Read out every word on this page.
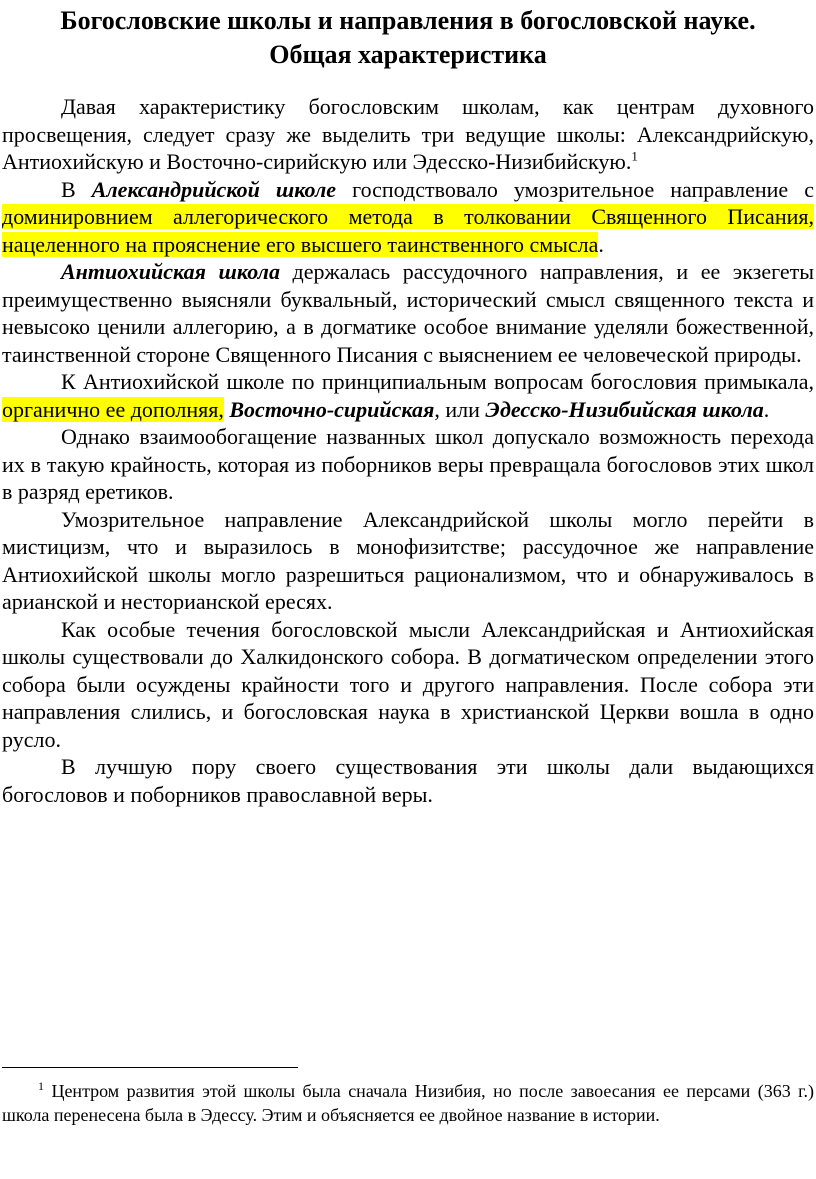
Богословские школы и направления в богословской науке.
Общая характеристика

Давая характеристику богословским школам, как центрам духовного просвещения, следует сразу же выделить три ведущие школы: Александрийскую, Антиохийскую и Восточно-сирийскую или Эдесско-Низибийскую.$^1$

В Александрийской школе господствовало умозрительное направление с доминировнием аллегорического метода в толковании Священного Писания, нацеленного на прояснение его высшего таинственного смысла.

Антиохийская школа держалась рассудочного направления, и ее экзегеты преимущественно выясняли буквальный, исторический смысл священного текста и невысоко ценили аллегорию, а в догматике особое внимание уделяли божественной, таинственной стороне Священного Писания с выяснением ее человеческой природы.

К Антиохийской школе по принципиальным вопросам богословия примыкала, органично ее дополняя, Восточно-сирийская, или Эдесско-Низибийская школа.

Однако взаимообогащение названных школ допускало возможность перехода их в такую крайность, которая из поборников веры превращала богословов этих школ в разряд еретиков.

Умозрительное направление Александрийской школы могло перейти в мистицизм, что и выразилось в монофизитстве; рассудочное же направление Антиохийской школы могло разрешиться рационализмом, что и обнаруживалось в арианской и несторианской ересях.

Как особые течения богословской мысли Александрийская и Антиохийская школы существовали до Халкидонского собора. В догматическом определении этого собора были осуждены крайности того и другого направления. После собора эти направления слились, и богословская наука в христианской Церкви вошла в одно русло.

В лучшую пору своего существования эти школы дали выдающихся богословов и поборников православной веры.

$^1$ Центром развития этой школы была сначала Низибия, но после завоесания ее персами (363 г.) школа перенесена была в Эдессу. Этим и объясняется ее двойное название в истории.
